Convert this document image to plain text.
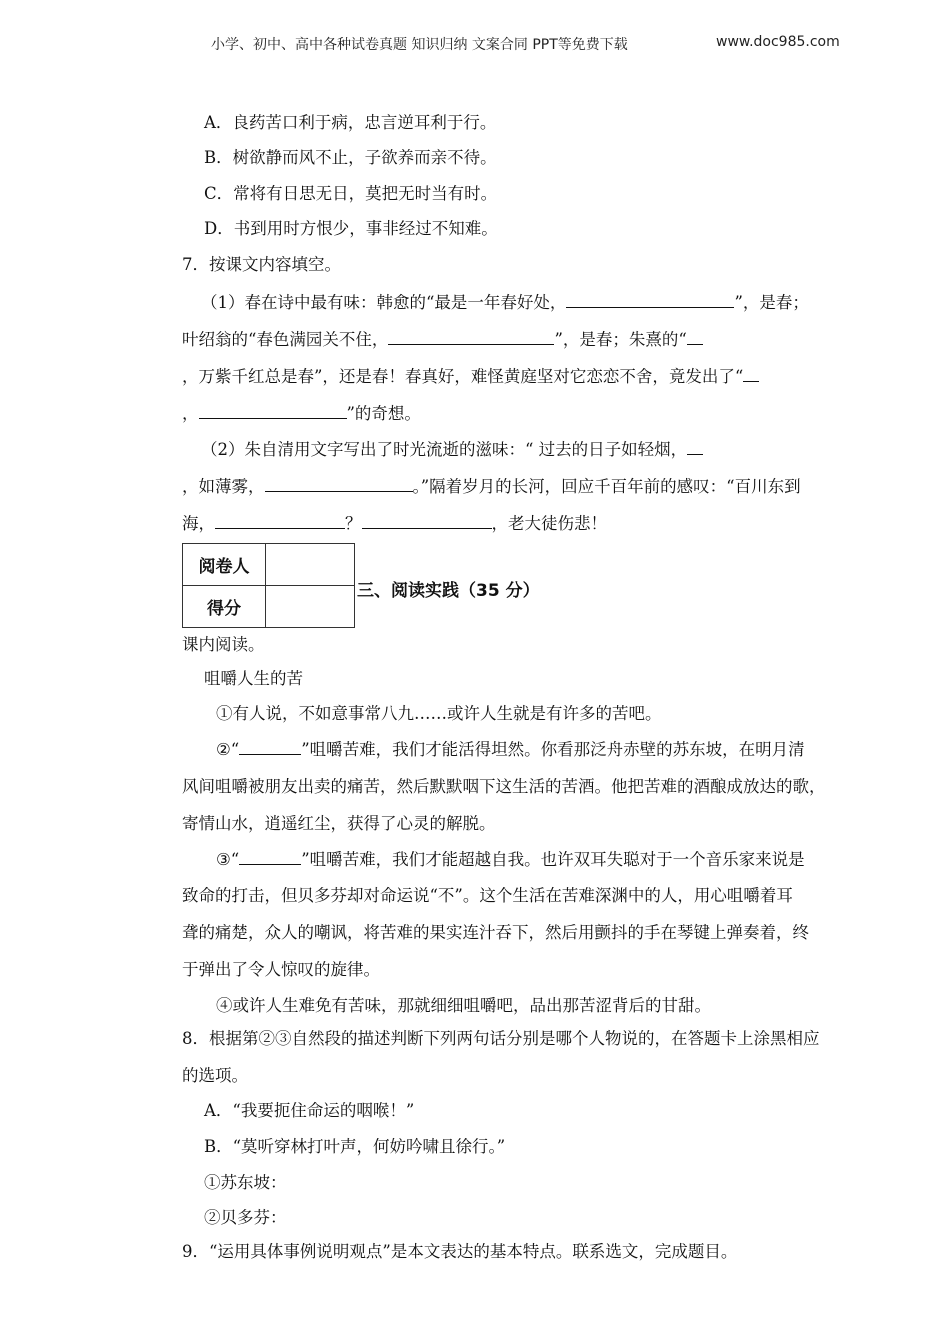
小学、初中、高中各种试卷真题 知识归纳 文案合同 PPT等免费下载	www.doc985.com
A．良药苦口利于病，忠言逆耳利于行。
B．树欲静而风不止，子欲养而亲不待。
C．常将有日思无日，莫把无时当有时。
D．书到用时方恨少，事非经过不知难。
7．按课文内容填空。
（1）春在诗中最有味：韩愈的“最是一年春好处，	”，是春；
叶绍翁的“春色满园关不住，	”，是春；朱熹的“
，万紫千红总是春”，还是春！春真好，难怪黄庭坚对它恋恋不舍，竟发出了“
，	”的奇想。
（2）朱自清用文字写出了时光流逝的滋味：“ 过去的日子如轻烟，
，如薄雾，	。”隔着岁月的长河，回应千百年前的感叹：“百川东到
海，	？	，老大徒伤悲！
阅卷人	
得分	
三、阅读实践（35 分）
课内阅读。
咀嚼人生的苦
①有人说，不如意事常八九……或许人生就是有许多的苦吧。
②“	”咀嚼苦难，我们才能活得坦然。你看那泛舟赤壁的苏东坡，在明月清
风间咀嚼被朋友出卖的痛苦，然后默默咽下这生活的苦酒。他把苦难的酒酿成放达的歌，
寄情山水，逍遥红尘，获得了心灵的解脱。
③“	”咀嚼苦难，我们才能超越自我。也许双耳失聪对于一个音乐家来说是
致命的打击，但贝多芬却对命运说“不”。这个生活在苦难深渊中的人，用心咀嚼着耳
聋的痛楚，众人的嘲讽，将苦难的果实连汁吞下，然后用颤抖的手在琴键上弹奏着，终
于弹出了令人惊叹的旋律。
④或许人生难免有苦味，那就细细咀嚼吧，品出那苦涩背后的甘甜。
8．根据第②③自然段的描述判断下列两句话分别是哪个人物说的，在答题卡上涂黑相应
的选项。
A．“我要扼住命运的咽喉！”
B．“莫听穿林打叶声，何妨吟啸且徐行。”
①苏东坡：
②贝多芬：
9．“运用具体事例说明观点”是本文表达的基本特点。联系选文，完成题目。
